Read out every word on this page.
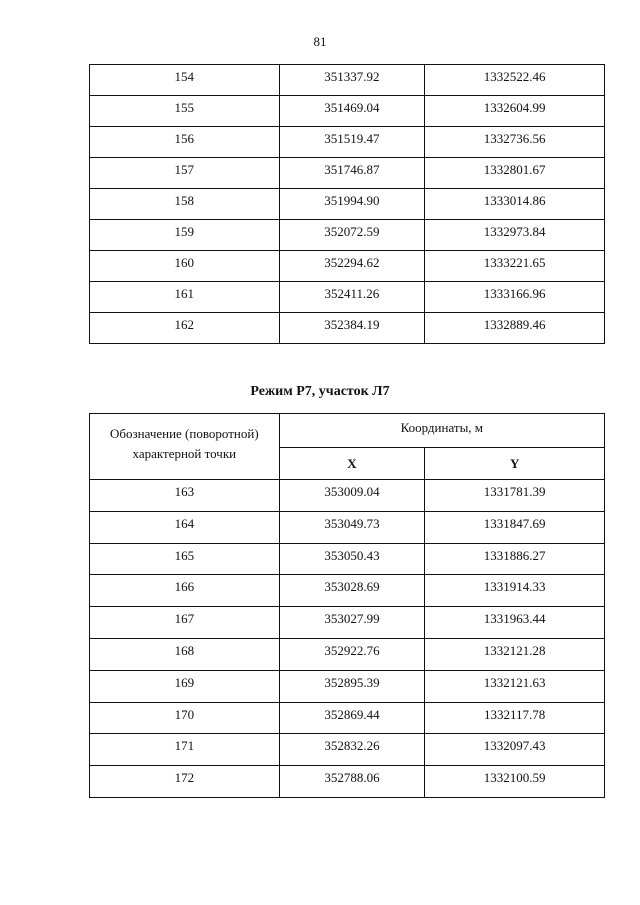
81
154	351337.92	1332522.46
155	351469.04	1332604.99
156	351519.47	1332736.56
157	351746.87	1332801.67
158	351994.90	1333014.86
159	352072.59	1332973.84
160	352294.62	1333221.65
161	352411.26	1333166.96
162	352384.19	1332889.46
Режим Р7, участок Л7
Обозначение (поворотной) характерной точки	Координаты, м	
	X	Y
163	353009.04	1331781.39
164	353049.73	1331847.69
165	353050.43	1331886.27
166	353028.69	1331914.33
167	353027.99	1331963.44
168	352922.76	1332121.28
169	352895.39	1332121.63
170	352869.44	1332117.78
171	352832.26	1332097.43
172	352788.06	1332100.59
